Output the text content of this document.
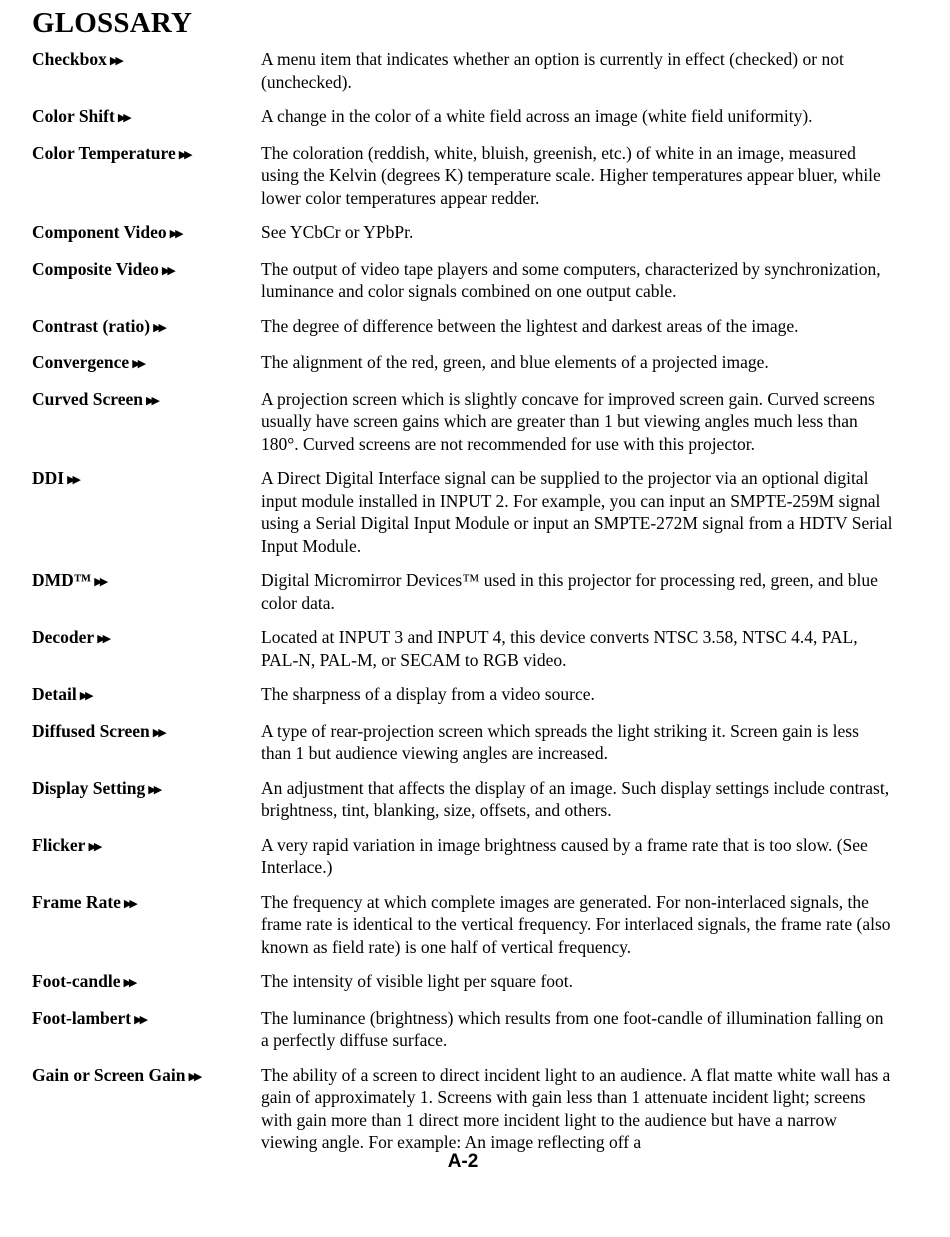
GLOSSARY
Checkbox ▶▶	A menu item that indicates whether an option is currently in effect (checked) or not (unchecked).
Color Shift ▶▶	A change in the color of a white field across an image (white field uniformity).
Color Temperature ▶▶	The coloration (reddish, white, bluish, greenish, etc.) of white in an image, measured using the Kelvin (degrees K) temperature scale. Higher temperatures appear bluer, while lower color temperatures appear redder.
Component Video ▶▶	See YCbCr or YPbPr.
Composite Video ▶▶	The output of video tape players and some computers, characterized by synchronization, luminance and color signals combined on one output cable.
Contrast (ratio) ▶▶	The degree of difference between the lightest and darkest areas of the image.
Convergence ▶▶	The alignment of the red, green, and blue elements of a projected image.
Curved Screen ▶▶	A projection screen which is slightly concave for improved screen gain. Curved screens usually have screen gains which are greater than 1 but viewing angles much less than 180°. Curved screens are not recommended for use with this projector.
DDI ▶▶	A Direct Digital Interface signal can be supplied to the projector via an optional digital input module installed in INPUT 2. For example, you can input an SMPTE-259M signal using a Serial Digital Input Module or input an SMPTE-272M signal from a HDTV Serial Input Module.
DMD™ ▶▶	Digital Micromirror Devices™ used in this projector for processing red, green, and blue color data.
Decoder ▶▶	Located at INPUT 3 and INPUT 4, this device converts NTSC 3.58, NTSC 4.4, PAL, PAL-N, PAL-M, or SECAM to RGB video.
Detail ▶▶	The sharpness of a display from a video source.
Diffused Screen ▶▶	A type of rear-projection screen which spreads the light striking it. Screen gain is less than 1 but audience viewing angles are increased.
Display Setting ▶▶	An adjustment that affects the display of an image. Such display settings include contrast, brightness, tint, blanking, size, offsets, and others.
Flicker ▶▶	A very rapid variation in image brightness caused by a frame rate that is too slow. (See Interlace.)
Frame Rate ▶▶	The frequency at which complete images are generated. For non-interlaced signals, the frame rate is identical to the vertical frequency. For interlaced signals, the frame rate (also known as field rate) is one half of vertical frequency.
Foot-candle ▶▶	The intensity of visible light per square foot.
Foot-lambert ▶▶	The luminance (brightness) which results from one foot-candle of illumination falling on a perfectly diffuse surface.
Gain or Screen Gain ▶▶	The ability of a screen to direct incident light to an audience. A flat matte white wall has a gain of approximately 1. Screens with gain less than 1 attenuate incident light; screens with gain more than 1 direct more incident light to the audience but have a narrow viewing angle. For example: An image reflecting off a
A-2
